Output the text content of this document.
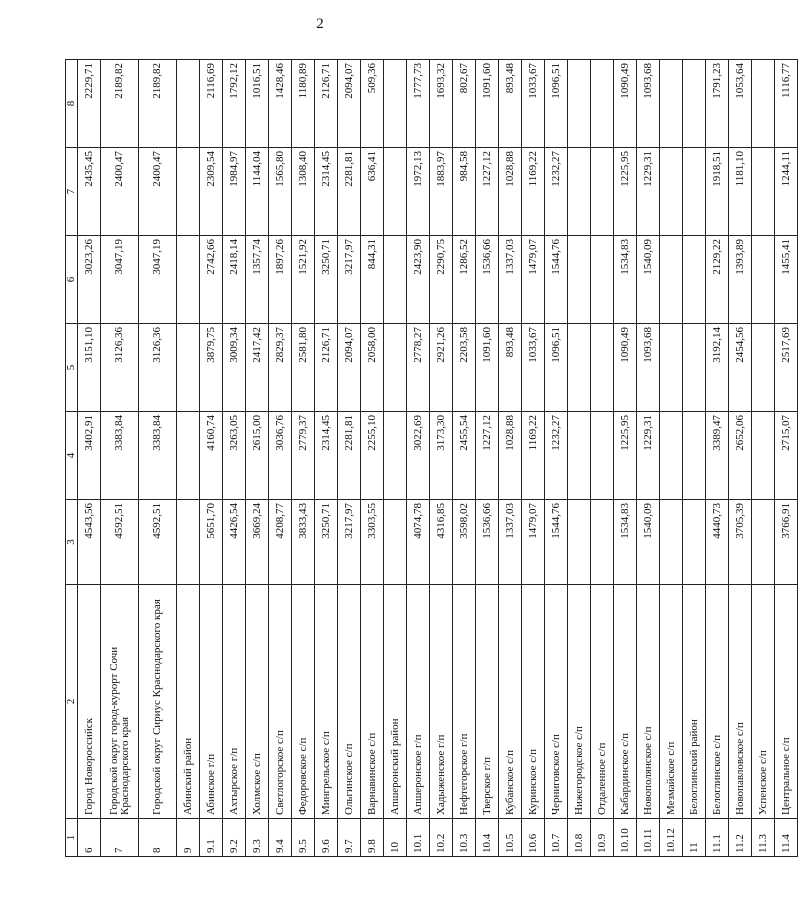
2
1	2	3	4	5	6	7	8
6	Город Новороссийск	4543,56	3402,91	3151,10	3023,26	2435,45	2229,71
7	Городской округ город-курорт Сочи Краснодарского края	4592,51	3383,84	3126,36	3047,19	2400,47	2189,82
8	Городской округ Сириус Краснодарского края	4592,51	3383,84	3126,36	3047,19	2400,47	2189,82
9	Абинский район						
9.1	Абинское г/п	5651,70	4160,74	3879,75	2742,66	2309,54	2116,69
9.2	Ахтырское г/п	4426,54	3263,05	3009,34	2418,14	1984,97	1792,12
9.3	Холмское с/п	3669,24	2615,00	2417,42	1357,74	1144,04	1016,51
9.4	Светлогорское с/п	4208,77	3036,76	2829,37	1897,26	1565,80	1428,46
9.5	Федоровское с/п	3833,43	2779,37	2581,80	1521,92	1308,40	1180,89
9.6	Мингрельское с/п	3250,71	2314,45	2126,71	3250,71	2314,45	2126,71
9.7	Ольгинское с/п	3217,97	2281,81	2094,07	3217,97	2281,81	2094,07
9.8	Варнавинское с/п	3303,55	2255,10	2058,00	844,31	636,41	509,36
10	Апшеронский район						
10.1	Апшеронское г/п	4074,78	3022,69	2778,27	2423,90	1972,13	1777,73
10.2	Хадыженское г/п	4316,85	3173,30	2921,26	2290,75	1883,97	1693,32
10.3	Нефтегорское г/п	3598,02	2455,54	2203,58	1286,52	984,58	802,67
10.4	Тверское г/п	1536,66	1227,12	1091,60	1536,66	1227,12	1091,60
10.5	Кубанское с/п	1337,03	1028,88	893,48	1337,03	1028,88	893,48
10.6	Куринское с/п	1479,07	1169,22	1033,67	1479,07	1169,22	1033,67
10.7	Черниговское с/п	1544,76	1232,27	1096,51	1544,76	1232,27	1096,51
10.8	Нижегородское с/п						
10.9	Отдаленное с/п						
10.10	Кабардинское с/п	1534,83	1225,95	1090,49	1534,83	1225,95	1090,49
10.11	Новополянское с/п	1540,09	1229,31	1093,68	1540,09	1229,31	1093,68
10.12	Мезмайское с/п						
11	Белоглинский район						
11.1	Белоглинское с/п	4440,73	3389,47	3192,14	2129,22	1918,51	1791,23
11.2	Новопавловское с/п	3705,39	2652,06	2454,56	1393,89	1181,10	1053,64
11.3	Успенское с/п						
11.4	Центральное с/п	3766,91	2715,07	2517,69	1455,41	1244,11	1116,77
